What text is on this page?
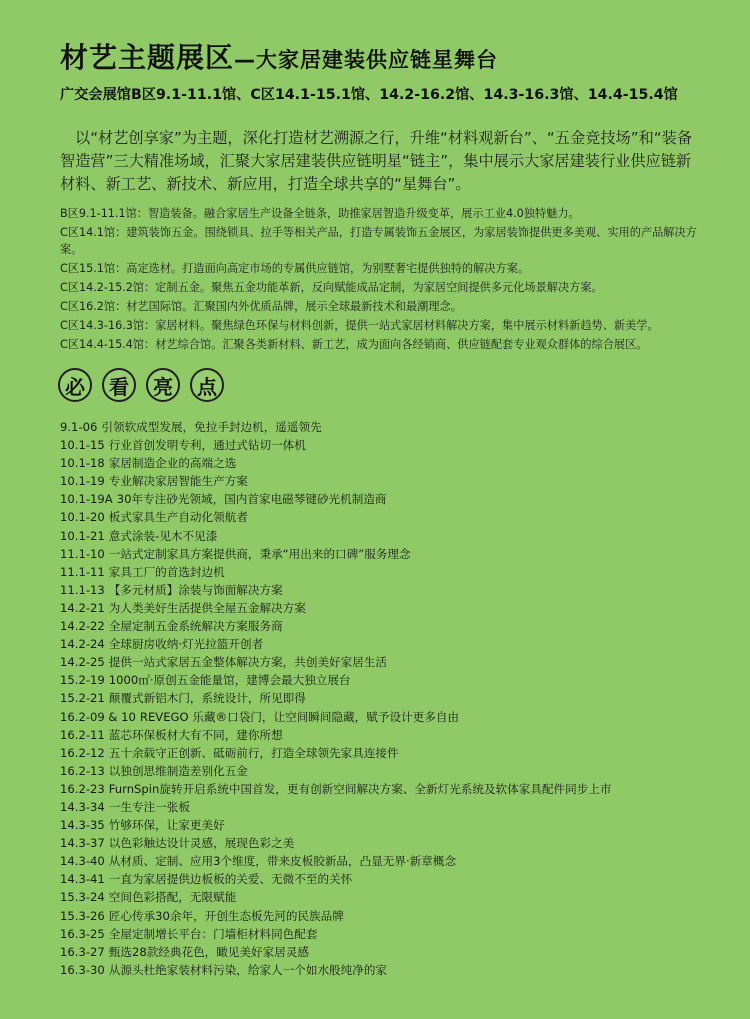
材艺主题展区—大家居建装供应链星舞台
广交会展馆B区9.1-11.1馆、C区14.1-15.1馆、14.2-16.2馆、14.3-16.3馆、14.4-15.4馆
以“材艺创享家”为主题，深化打造材艺溯源之行，升维“材料观新台”、“五金竞技场”和“装备智造营”三大精准场域，汇聚大家居建装供应链明星“链主”，集中展示大家居建装行业供应链新材料、新工艺、新技术、新应用，打造全球共享的“星舞台”。
B区9.1-11.1馆：智造装备。融合家居生产设备全链条，助推家居智造升级变革，展示工业4.0独特魅力。
C区14.1馆：建筑装饰五金。围绕锁具、拉手等相关产品，打造专属装饰五金展区，为家居装饰提供更多美观、实用的产品解决方案。
C区15.1馆：高定选材。打造面向高定市场的专属供应链馆，为别墅奢宅提供独特的解决方案。
C区14.2-15.2馆：定制五金。聚焦五金功能革新，反向赋能成品定制，为家居空间提供多元化场景解决方案。
C区16.2馆：材艺国际馆。汇聚国内外优质品牌，展示全球最新技术和最潮理念。
C区14.3-16.3馆：家居材料。聚焦绿色环保与材料创新，提供一站式家居材料解决方案，集中展示材料新趋势、新美学。
C区14.4-15.4馆：材艺综合馆。汇聚各类新材料、新工艺，成为面向各经销商、供应链配套专业观众群体的综合展区。
必	看	亮	点
9.1-06 引领软成型发展，免拉手封边机，遥遥领先
10.1-15 行业首创发明专利，通过式钻切一体机
10.1-18 家居制造企业的高端之选
10.1-19 专业解决家居智能生产方案
10.1-19A 30年专注砂光领域，国内首家电磁琴键砂光机制造商
10.1-20 板式家具生产自动化领航者
10.1-21 意式涂装-见木不见漆
11.1-10 一站式定制家具方案提供商，秉承“用出来的口碑”服务理念
11.1-11 家具工厂的首选封边机
11.1-13 【多元材质】涂装与饰面解决方案
14.2-21 为人类美好生活提供全屋五金解决方案
14.2-22 全屋定制五金系统解决方案服务商
14.2-24 全球厨房收纳·灯光拉篮开创者
14.2-25 提供一站式家居五金整体解决方案，共创美好家居生活
15.2-19 1000㎡·原创五金能量馆，建博会最大独立展台
15.2-21 颠覆式新铝木门，系统设计，所见即得
16.2-09 & 10 REVEGO 乐藏®口袋门，让空间瞬间隐藏，赋予设计更多自由
16.2-11 蓝芯环保板材大有不同，建你所想
16.2-12 五十余载守正创新、砥砺前行，打造全球领先家具连接件
16.2-13 以独创思维制造差别化五金
16.2-23 FurnSpin旋转开启系统中国首发，更有创新空间解决方案、全新灯光系统及软体家具配件同步上市
14.3-34 一生专注一张板
14.3-35 竹够环保，让家更美好
14.3-37 以色彩触达设计灵感，展现色彩之美
14.3-40 从材质、定制、应用3个维度，带来皮板胶新品，凸显无界·新章概念
14.3-41 一直为家居提供边板板的关爱、无微不至的关怀
15.3-24 空间色彩搭配，无限赋能
15.3-26 匠心传承30余年，开创生态板先河的民族品牌
16.3-25 全屋定制增长平台：门墙柜材料同色配套
16.3-27 甄选28款经典花色，瞰见美好家居灵感
16.3-30 从源头杜绝家装材料污染，给家人一个如水般纯净的家
